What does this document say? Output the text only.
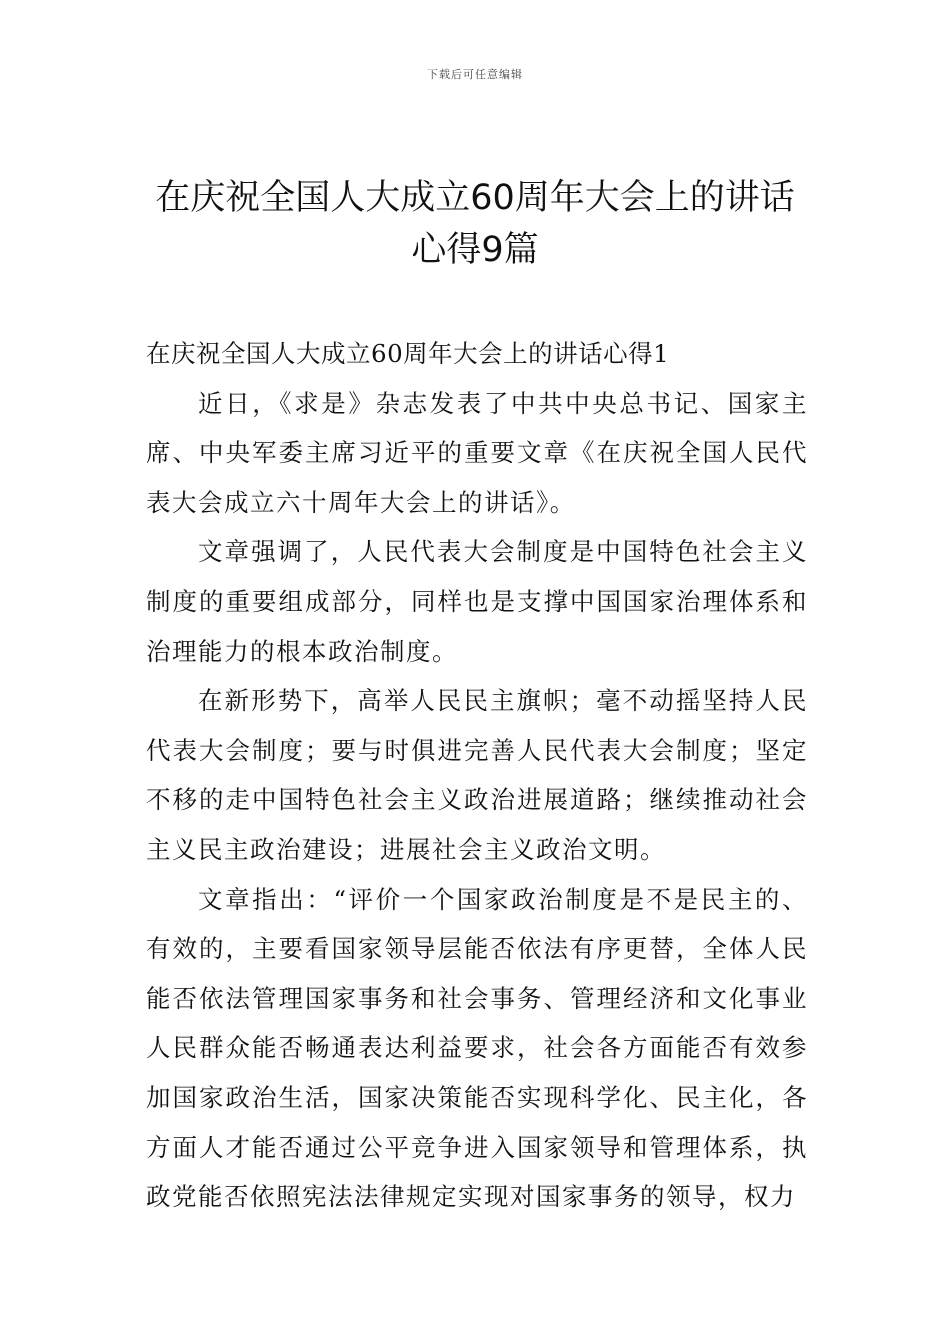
下载后可任意编辑
在庆祝全国人大成立60周年大会上的讲话
心得9篇

在庆祝全国人大成立60周年大会上的讲话心得1

近日，《求是》杂志发表了中共中央总书记、国家主席、中央军委主席习近平的重要文章《在庆祝全国人民代表大会成立六十周年大会上的讲话》。

文章强调了，人民代表大会制度是中国特色社会主义制度的重要组成部分，同样也是支撑中国国家治理体系和治理能力的根本政治制度。

在新形势下，高举人民民主旗帜；毫不动摇坚持人民代表大会制度；要与时俱进完善人民代表大会制度；坚定不移的走中国特色社会主义政治进展道路；继续推动社会主义民主政治建设；进展社会主义政治文明。

文章指出：“评价一个国家政治制度是不是民主的、有效的，主要看国家领导层能否依法有序更替，全体人民能否依法管理国家事务和社会事务、管理经济和文化事业人民群众能否畅通表达利益要求，社会各方面能否有效参加国家政治生活，国家决策能否实现科学化、民主化，各方面人才能否通过公平竞争进入国家领导和管理体系，执政党能否依照宪法法律规定实现对国家事务的领导，权力
